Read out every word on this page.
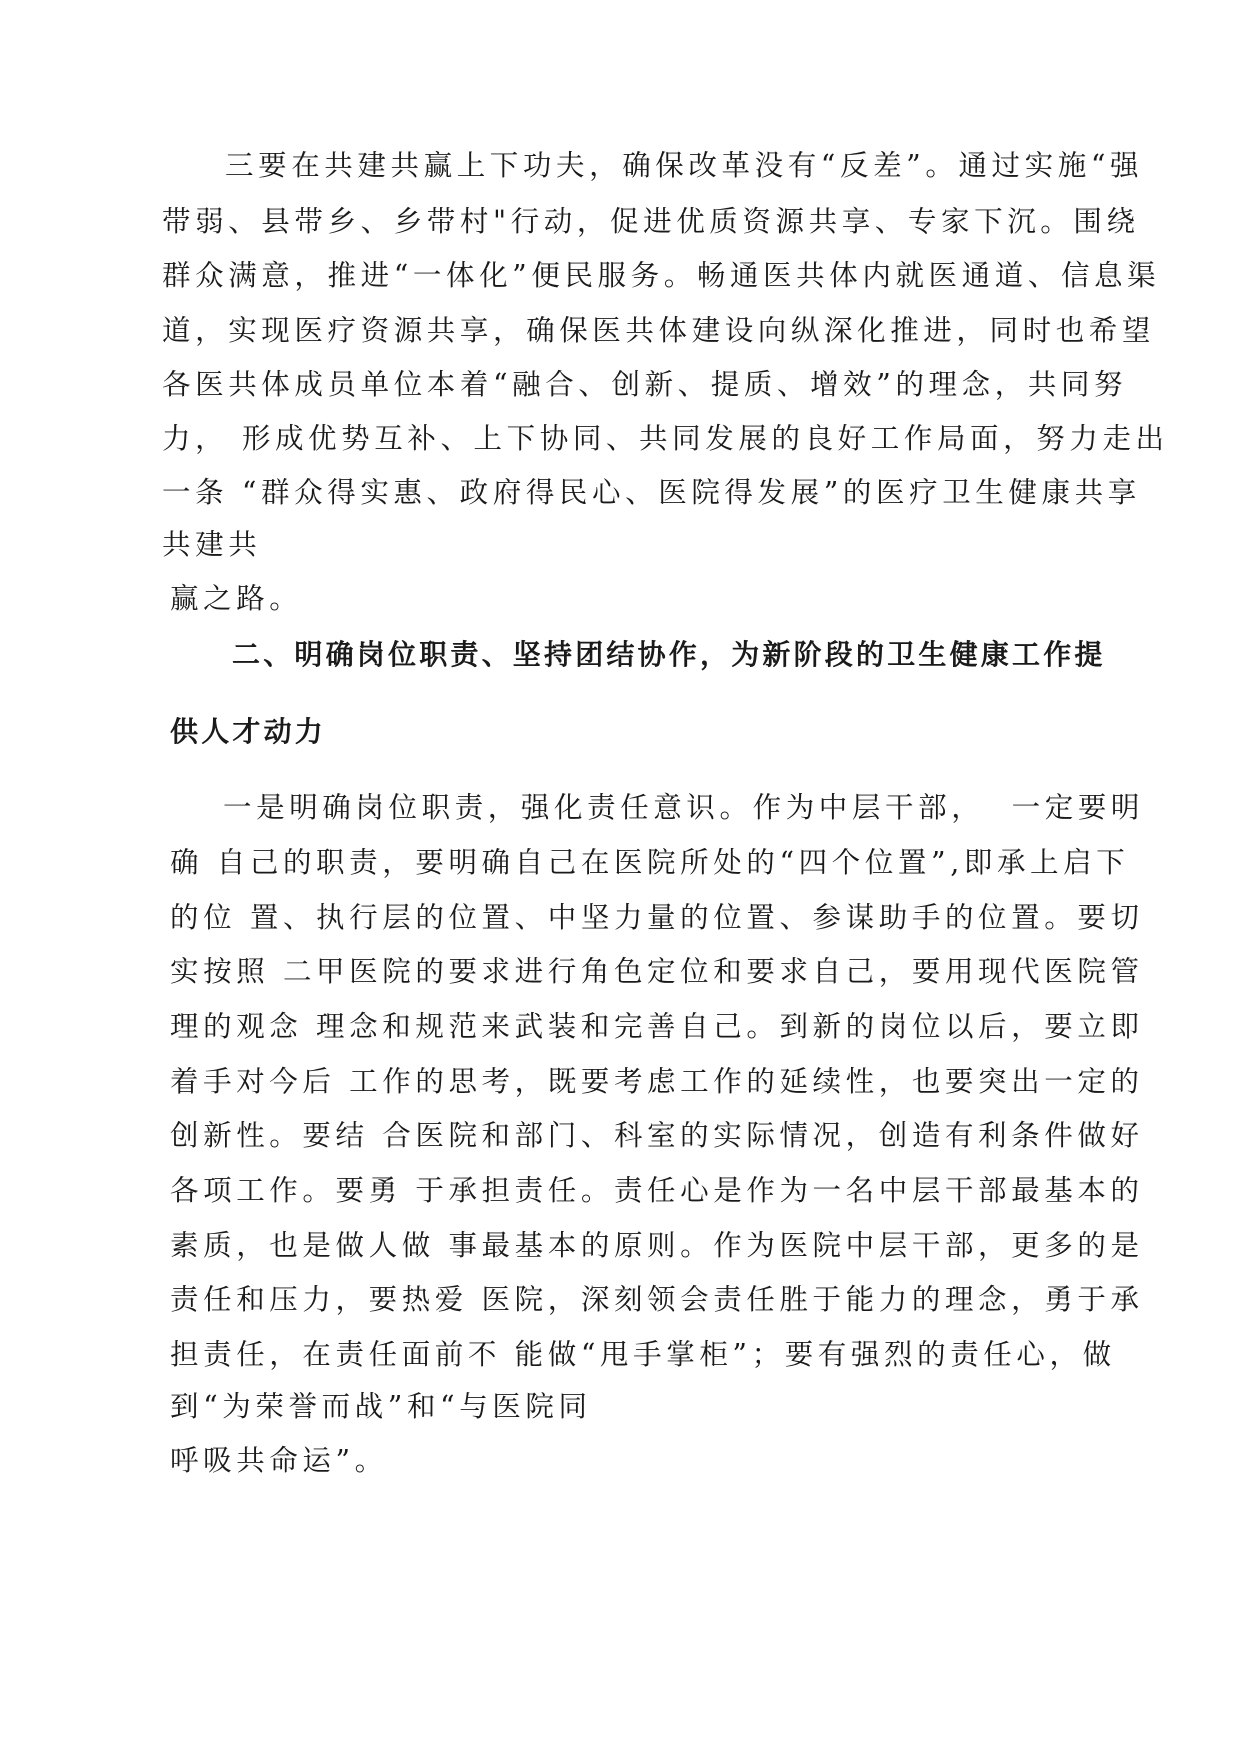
三要在共建共赢上下功夫，确保改革没有“反差”。通过实施“强
带弱、县带乡、乡带村"行动，促进优质资源共享、专家下沉。围绕
群众满意，推进“一体化”便民服务。畅通医共体内就医通道、信息渠
道，实现医疗资源共享，确保医共体建设向纵深化推进，同时也希望
各医共体成员单位本着“融合、创新、提质、增效”的理念，共同努
力， 形成优势互补、上下协同、共同发展的良好工作局面，努力走出
一条 “群众得实惠、政府得民心、医院得发展”的医疗卫生健康共享
共建共
赢之路。
二、明确岗位职责、坚持团结协作，为新阶段的卫生健康工作提
供人才动力
一是明确岗位职责，强化责任意识。作为中层干部，  一定要明
确 自己的职责，要明确自己在医院所处的“四个位置”,即承上启下
的位 置、执行层的位置、中坚力量的位置、参谋助手的位置。要切
实按照 二甲医院的要求进行角色定位和要求自己，要用现代医院管
理的观念 理念和规范来武装和完善自己。到新的岗位以后，要立即
着手对今后 工作的思考，既要考虑工作的延续性，也要突出一定的
创新性。要结 合医院和部门、科室的实际情况，创造有利条件做好
各项工作。要勇 于承担责任。责任心是作为一名中层干部最基本的
素质，也是做人做 事最基本的原则。作为医院中层干部，更多的是
责任和压力，要热爱 医院，深刻领会责任胜于能力的理念，勇于承
担责任，在责任面前不 能做“甩手掌柜”；要有强烈的责任心，做
到“为荣誉而战”和“与医院同
呼吸共命运”。
